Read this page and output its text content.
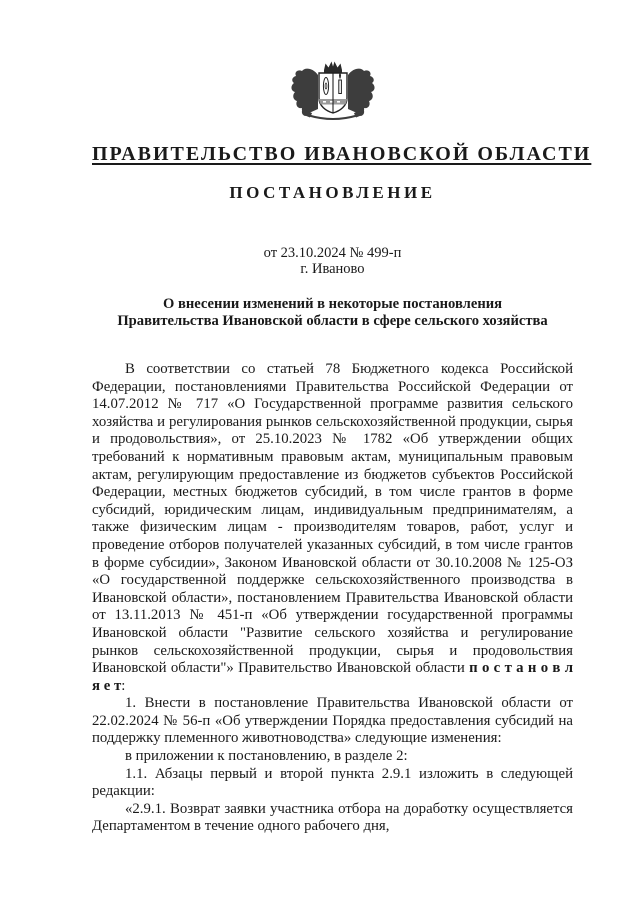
ПРАВИТЕЛЬСТВО ИВАНОВСКОЙ ОБЛАСТИ
ПОСТАНОВЛЕНИЕ
от 23.10.2024 № 499-п
г. Иваново
О внесении изменений в некоторые постановления
Правительства Ивановской области в сфере сельского хозяйства

В соответствии со статьей 78 Бюджетного кодекса Российской Федерации, постановлениями Правительства Российской Федерации от 14.07.2012 № 717 «О Государственной программе развития сельского хозяйства и регулирования рынков сельскохозяйственной продукции, сырья и продовольствия», от 25.10.2023 № 1782 «Об утверждении общих требований к нормативным правовым актам, муниципальным правовым актам, регулирующим предоставление из бюджетов субъектов Российской Федерации, местных бюджетов субсидий, в том числе грантов в форме субсидий, юридическим лицам, индивидуальным предпринимателям, а также физическим лицам - производителям товаров, работ, услуг и проведение отборов получателей указанных субсидий, в том числе грантов в форме субсидии», Законом Ивановской области от 30.10.2008 № 125-ОЗ «О государственной поддержке сельскохозяйственного производства в Ивановской области», постановлением Правительства Ивановской области от 13.11.2013 № 451-п «Об утверждении государственной программы Ивановской области "Развитие сельского хозяйства и регулирование рынков сельскохозяйственной продукции, сырья и продовольствия Ивановской области"» Правительство Ивановской области п о с т а н о в л я е т:

1. Внести в постановление Правительства Ивановской области от 22.02.2024 № 56-п «Об утверждении Порядка предоставления субсидий на поддержку племенного животноводства» следующие изменения:

в приложении к постановлению, в разделе 2:

1.1. Абзацы первый и второй пункта 2.9.1 изложить в следующей редакции:

«2.9.1. Возврат заявки участника отбора на доработку осуществляется Департаментом в течение одного рабочего дня,
